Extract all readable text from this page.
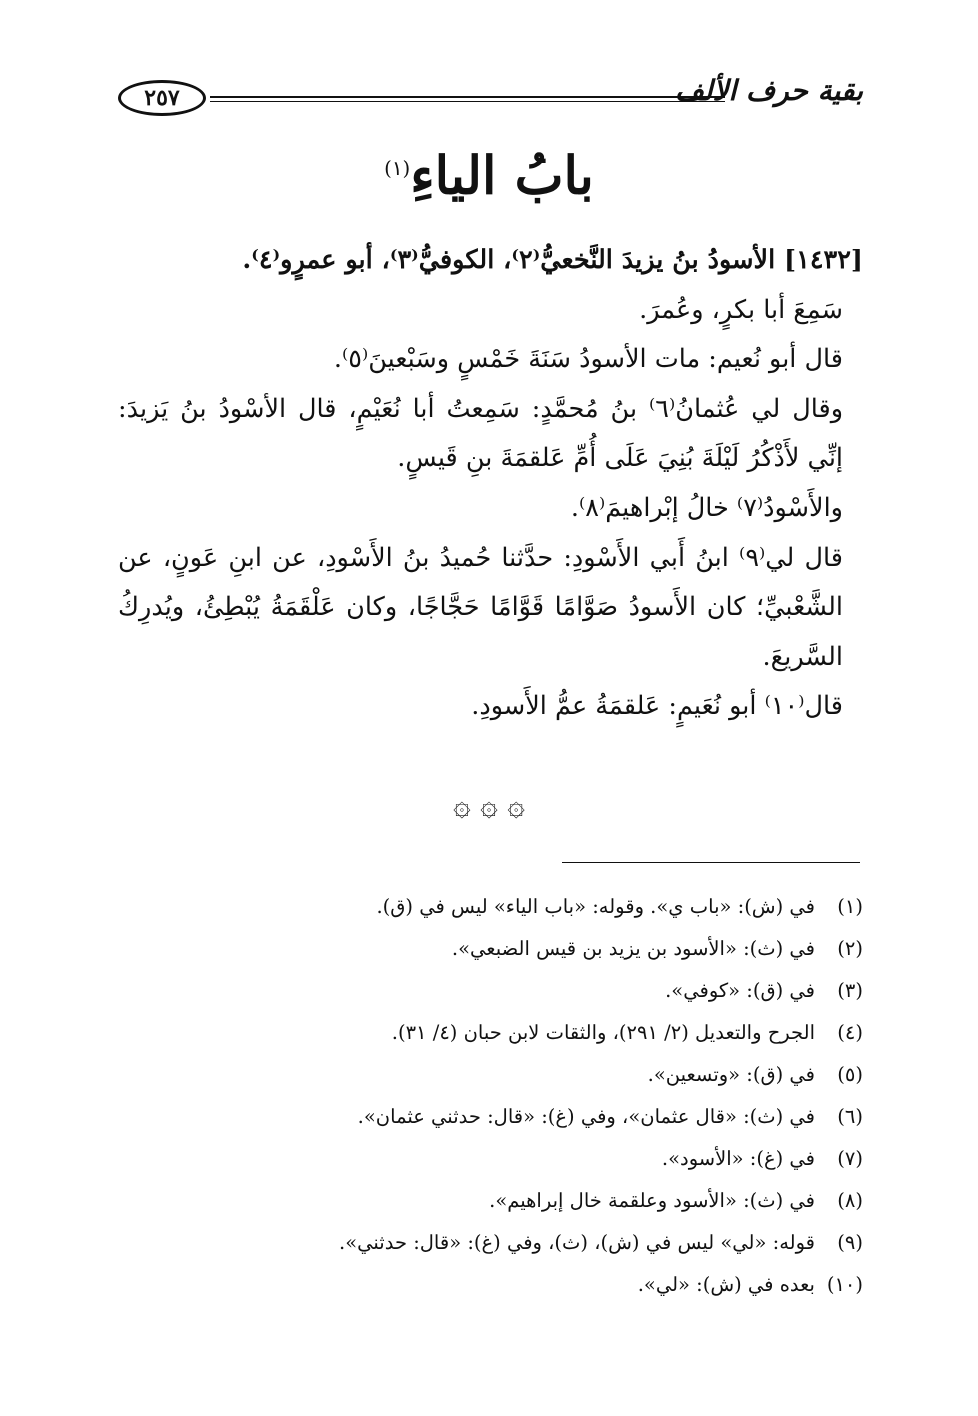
٢٥٧	بقية حرف الألف
بابُ الياءِ$^{(١)}$

[١٤٣٢] الأسودُ بنُ يزيدَ النَّخعيُّ⁽٢⁾، الكوفيُّ⁽٣⁾، أبو عمرٍو⁽٤⁾.

سَمِعَ أبا بكرٍ، وعُمرَ.

قال أبو نُعيم: مات الأسودُ سَنَةَ خَمْسٍ وسَبْعينَ⁽٥⁾.

وقال لي عُثمانُ⁽٦⁾ بنُ مُحمَّدٍ: سَمِعتُ أبا نُعَيْمٍ، قال الأسْودُ بنُ يَزيدَ: إنِّي لأَذْكُرُ لَيْلَةَ بُنِيَ عَلَى أُمِّ عَلقمَةَ بنِ قَيسٍ.

والأَسْودُ⁽٧⁾ خالُ إبْراهيمَ⁽٨⁾.

قال لي⁽٩⁾ ابنُ أَبي الأَسْودِ: حدَّثنا حُميدُ بنُ الأَسْودِ، عن ابنِ عَونٍ، عن الشَّعْبيِّ؛ كان الأَسودُ صَوَّامًا قَوَّامًا حَجَّاجًا، وكان عَلْقَمَةُ يُبْطِئُ، ويُدرِكُ السَّريعَ.

قال⁽١٠⁾ أبو نُعَيمٍ: عَلقمَةُ عمُّ الأَسودِ.

۞ ۞ ۞
(١)في (ش): «باب ي». وقوله: «باب الياء» ليس في (ق).
(٢)في (ث): «الأسود بن يزيد بن قيس الضبعي».
(٣)في (ق): «كوفي».
(٤)الجرح والتعديل (٢/ ٢٩١)، والثقات لابن حبان (٤/ ٣١).
(٥)في (ق): «وتسعين».
(٦)في (ث): «قال عثمان»، وفي (غ): «قال: حدثني عثمان».
(٧)في (غ): «الأسود».
(٨)في (ث): «الأسود وعلقمة خال إبراهيم».
(٩)قوله: «لي» ليس في (ش)، (ث)، وفي (غ): «قال: حدثني».
(١٠)بعده في (ش): «لي».
